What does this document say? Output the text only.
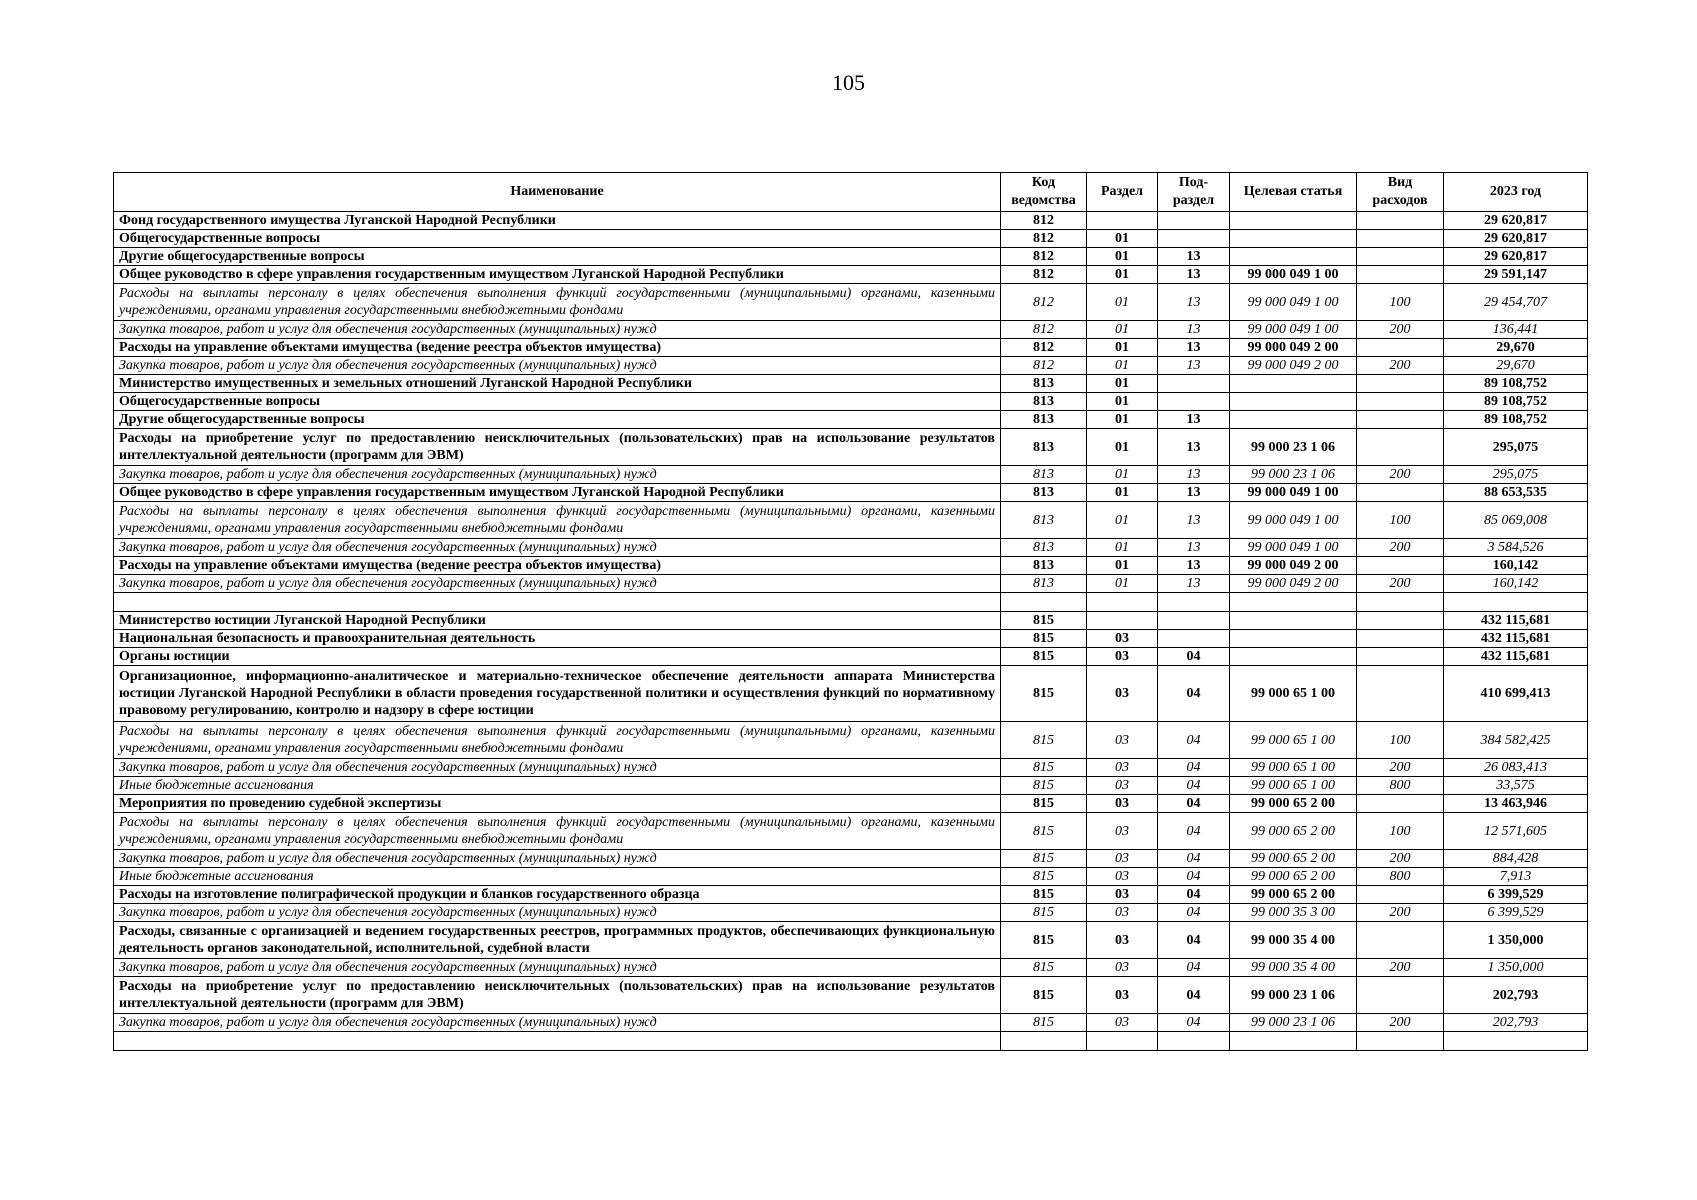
105
Наименование	Код ведомства	Раздел	Под- раздел	Целевая статья	Вид расходов	2023 год
Фонд государственного имущества Луганской Народной Республики	812					29 620,817
Общегосударственные вопросы	812	01				29 620,817
Другие общегосударственные вопросы	812	01	13			29 620,817
Общее руководство в сфере управления государственным имуществом Луганской Народной Республики	812	01	13	99 000 049 1 00		29 591,147
Расходы на выплаты персоналу в целях обеспечения выполнения функций государственными (муниципальными) органами, казенными учреждениями, органами управления государственными внебюджетными фондами	812	01	13	99 000 049 1 00	100	29 454,707
Закупка товаров, работ и услуг для обеспечения государственных (муниципальных) нужд	812	01	13	99 000 049 1 00	200	136,441
Расходы на управление объектами имущества (ведение реестра объектов имущества)	812	01	13	99 000 049 2 00		29,670
Закупка товаров, работ и услуг для обеспечения государственных (муниципальных) нужд	812	01	13	99 000 049 2 00	200	29,670
Министерство имущественных и земельных отношений Луганской Народной Республики	813	01				89 108,752
Общегосударственные вопросы	813	01				89 108,752
Другие общегосударственные вопросы	813	01	13			89 108,752
Расходы на приобретение услуг по предоставлению неисключительных (пользовательских) прав на использование результатов интеллектуальной деятельности (программ для ЭВМ)	813	01	13	99 000 23 1 06		295,075
Закупка товаров, работ и услуг для обеспечения государственных (муниципальных) нужд	813	01	13	99 000 23 1 06	200	295,075
Общее руководство в сфере управления государственным имуществом Луганской Народной Республики	813	01	13	99 000 049 1 00		88 653,535
Расходы на выплаты персоналу в целях обеспечения выполнения функций государственными (муниципальными) органами, казенными учреждениями, органами управления государственными внебюджетными фондами	813	01	13	99 000 049 1 00	100	85 069,008
Закупка товаров, работ и услуг для обеспечения государственных (муниципальных) нужд	813	01	13	99 000 049 1 00	200	3 584,526
Расходы на управление объектами имущества (ведение реестра объектов имущества)	813	01	13	99 000 049 2 00		160,142
Закупка товаров, работ и услуг для обеспечения государственных (муниципальных) нужд	813	01	13	99 000 049 2 00	200	160,142

Министерство юстиции Луганской Народной Республики	815					432 115,681
Национальная безопасность и правоохранительная деятельность	815	03				432 115,681
Органы юстиции	815	03	04			432 115,681
Организационное, информационно-аналитическое и материально-техническое обеспечение деятельности аппарата Министерства юстиции Луганской Народной Республики в области проведения государственной политики и осуществления функций по нормативному правовому регулированию, контролю и надзору в сфере юстиции	815	03	04	99 000 65 1 00		410 699,413
Расходы на выплаты персоналу в целях обеспечения выполнения функций государственными (муниципальными) органами, казенными учреждениями, органами управления государственными внебюджетными фондами	815	03	04	99 000 65 1 00	100	384 582,425
Закупка товаров, работ и услуг для обеспечения государственных (муниципальных) нужд	815	03	04	99 000 65 1 00	200	26 083,413
Иные бюджетные ассигнования	815	03	04	99 000 65 1 00	800	33,575
Мероприятия по проведению судебной экспертизы	815	03	04	99 000 65 2 00		13 463,946
Расходы на выплаты персоналу в целях обеспечения выполнения функций государственными (муниципальными) органами, казенными учреждениями, органами управления государственными внебюджетными фондами	815	03	04	99 000 65 2 00	100	12 571,605
Закупка товаров, работ и услуг для обеспечения государственных (муниципальных) нужд	815	03	04	99 000 65 2 00	200	884,428
Иные бюджетные ассигнования	815	03	04	99 000 65 2 00	800	7,913
Расходы на изготовление полиграфической продукции и бланков государственного образца	815	03	04	99 000 65 2 00		6 399,529
Закупка товаров, работ и услуг для обеспечения государственных (муниципальных) нужд	815	03	04	99 000 35 3 00	200	6 399,529
Расходы, связанные с организацией и ведением государственных реестров, программных продуктов, обеспечивающих функциональную деятельность органов законодательной, исполнительной, судебной власти	815	03	04	99 000 35 4 00		1 350,000
Закупка товаров, работ и услуг для обеспечения государственных (муниципальных) нужд	815	03	04	99 000 35 4 00	200	1 350,000
Расходы на приобретение услуг по предоставлению неисключительных (пользовательских) прав на использование результатов интеллектуальной деятельности (программ для ЭВМ)	815	03	04	99 000 23 1 06		202,793
Закупка товаров, работ и услуг для обеспечения государственных (муниципальных) нужд	815	03	04	99 000 23 1 06	200	202,793
